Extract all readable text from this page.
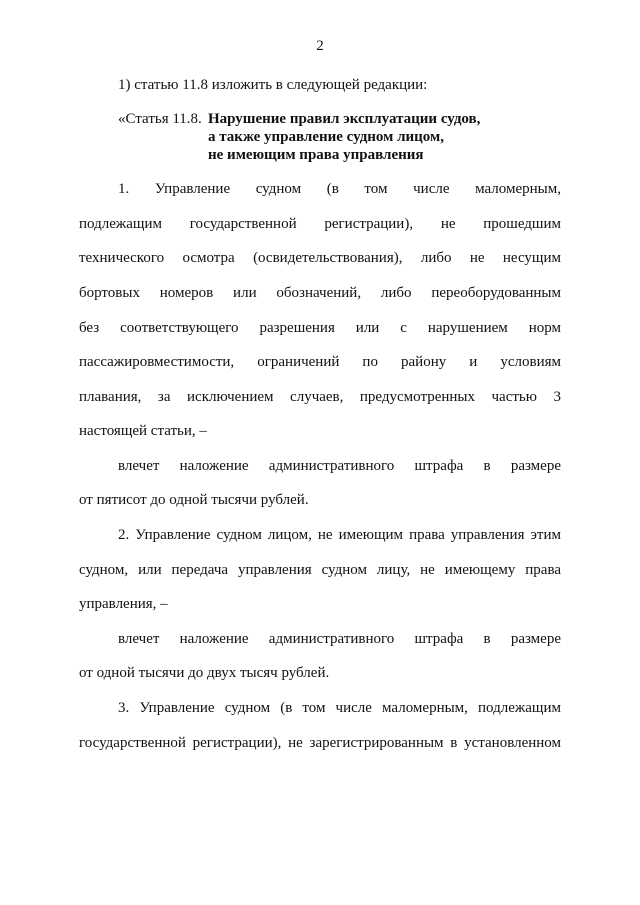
2
1) статью 11.8 изложить в следующей редакции:
«Статья 11.8. Нарушение правил эксплуатации судов,
а также управление судном лицом,
не имеющим права управления
1. Управление судном (в том числе маломерным,
подлежащим государственной регистрации), не прошедшим
технического осмотра (освидетельствования), либо не несущим
бортовых номеров или обозначений, либо переоборудованным
без соответствующего разрешения или с нарушением норм
пассажировместимости, ограничений по району и условиям
плавания, за исключением случаев, предусмотренных частью 3
настоящей статьи, –
влечет наложение административного штрафа в размере
от пятисот до одной тысячи рублей.
2. Управление судном лицом, не имеющим права управления этим
судном, или передача управления судном лицу, не имеющему права
управления, –
влечет наложение административного штрафа в размере
от одной тысячи до двух тысяч рублей.
3. Управление судном (в том числе маломерным, подлежащим
государственной регистрации), не зарегистрированным в установленном
